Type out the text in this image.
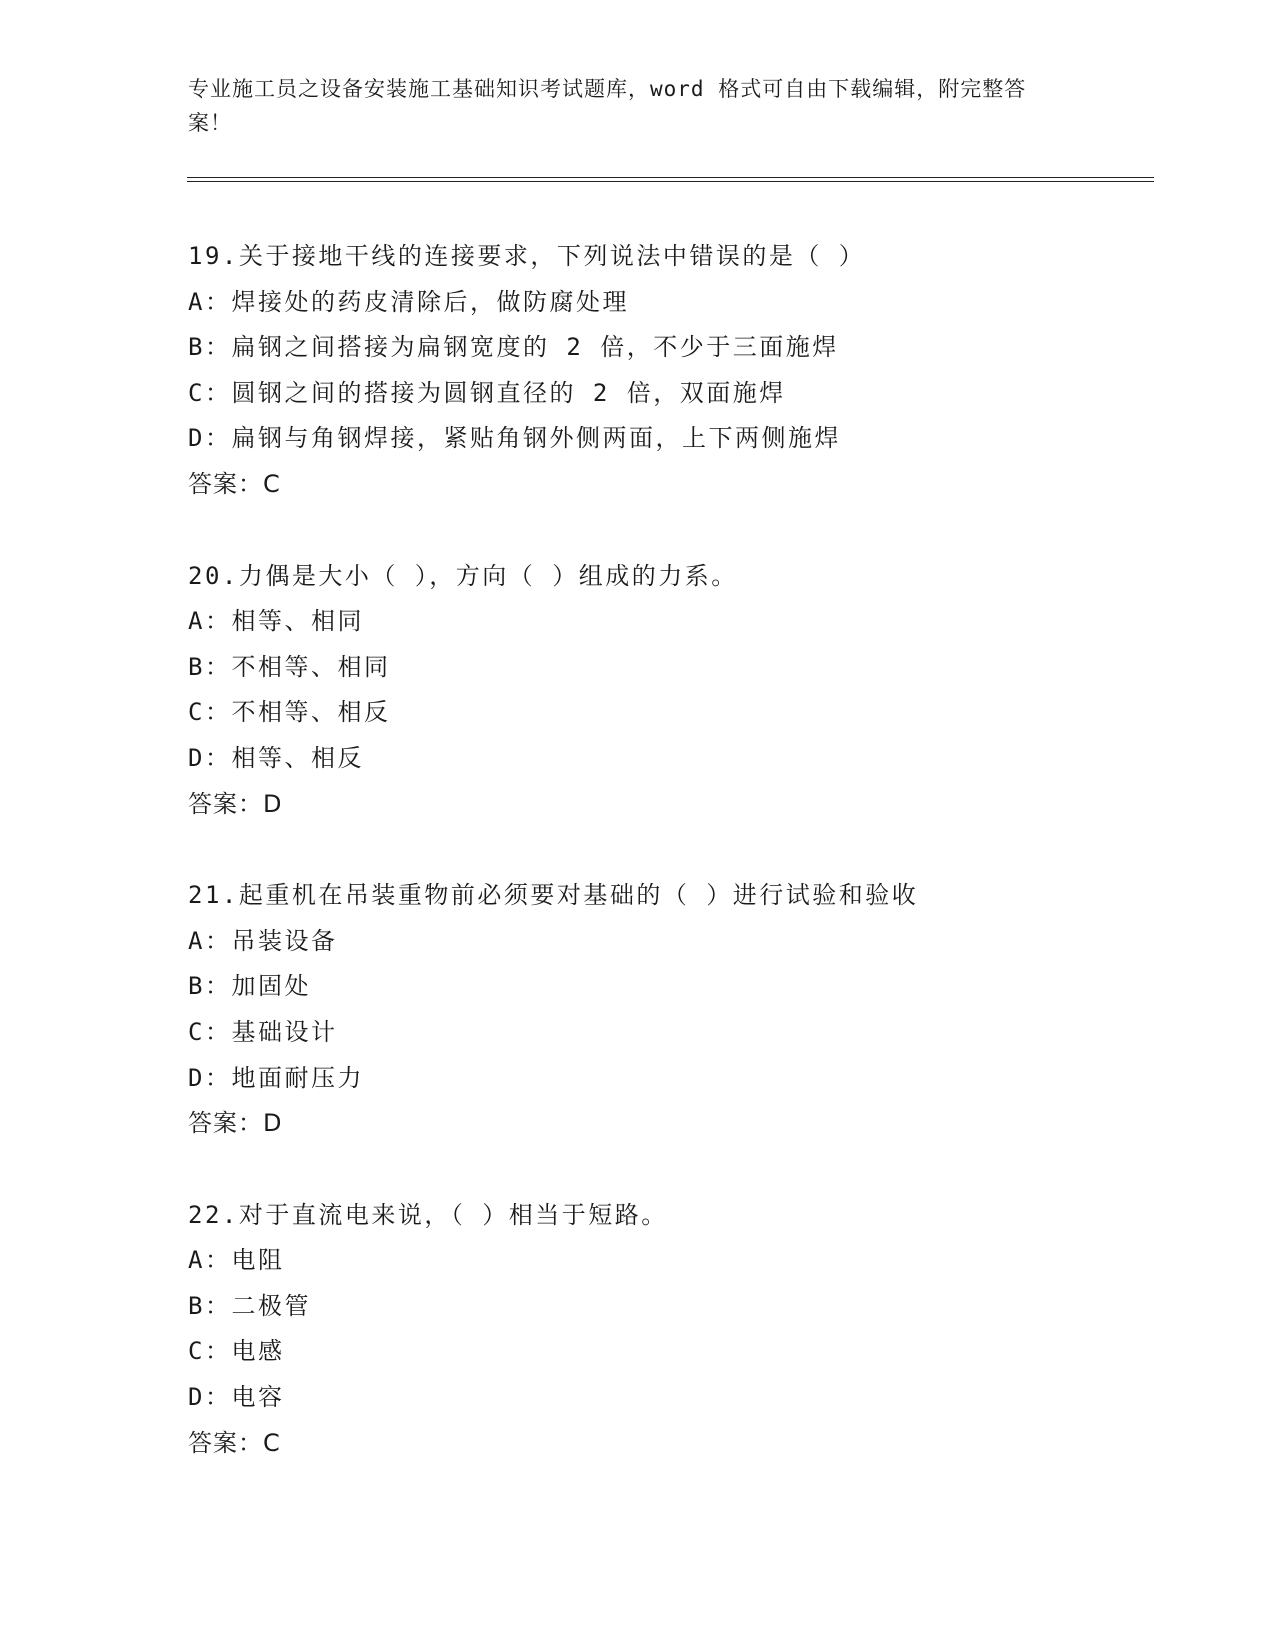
专业施工员之设备安装施工基础知识考试题库，word 格式可自由下载编辑，附完整答案！
19.关于接地干线的连接要求，下列说法中错误的是（ ）
A：焊接处的药皮清除后，做防腐处理
B：扁钢之间搭接为扁钢宽度的 2 倍，不少于三面施焊
C：圆钢之间的搭接为圆钢直径的 2 倍，双面施焊
D：扁钢与角钢焊接，紧贴角钢外侧两面，上下两侧施焊
答案：C
20.力偶是大小（ ），方向（ ）组成的力系。
A：相等、相同
B：不相等、相同
C：不相等、相反
D：相等、相反
答案：D
21.起重机在吊装重物前必须要对基础的（ ）进行试验和验收
A：吊装设备
B：加固处
C：基础设计
D：地面耐压力
答案：D
22.对于直流电来说，（ ）相当于短路。
A：电阻
B：二极管
C：电感
D：电容
答案：C
